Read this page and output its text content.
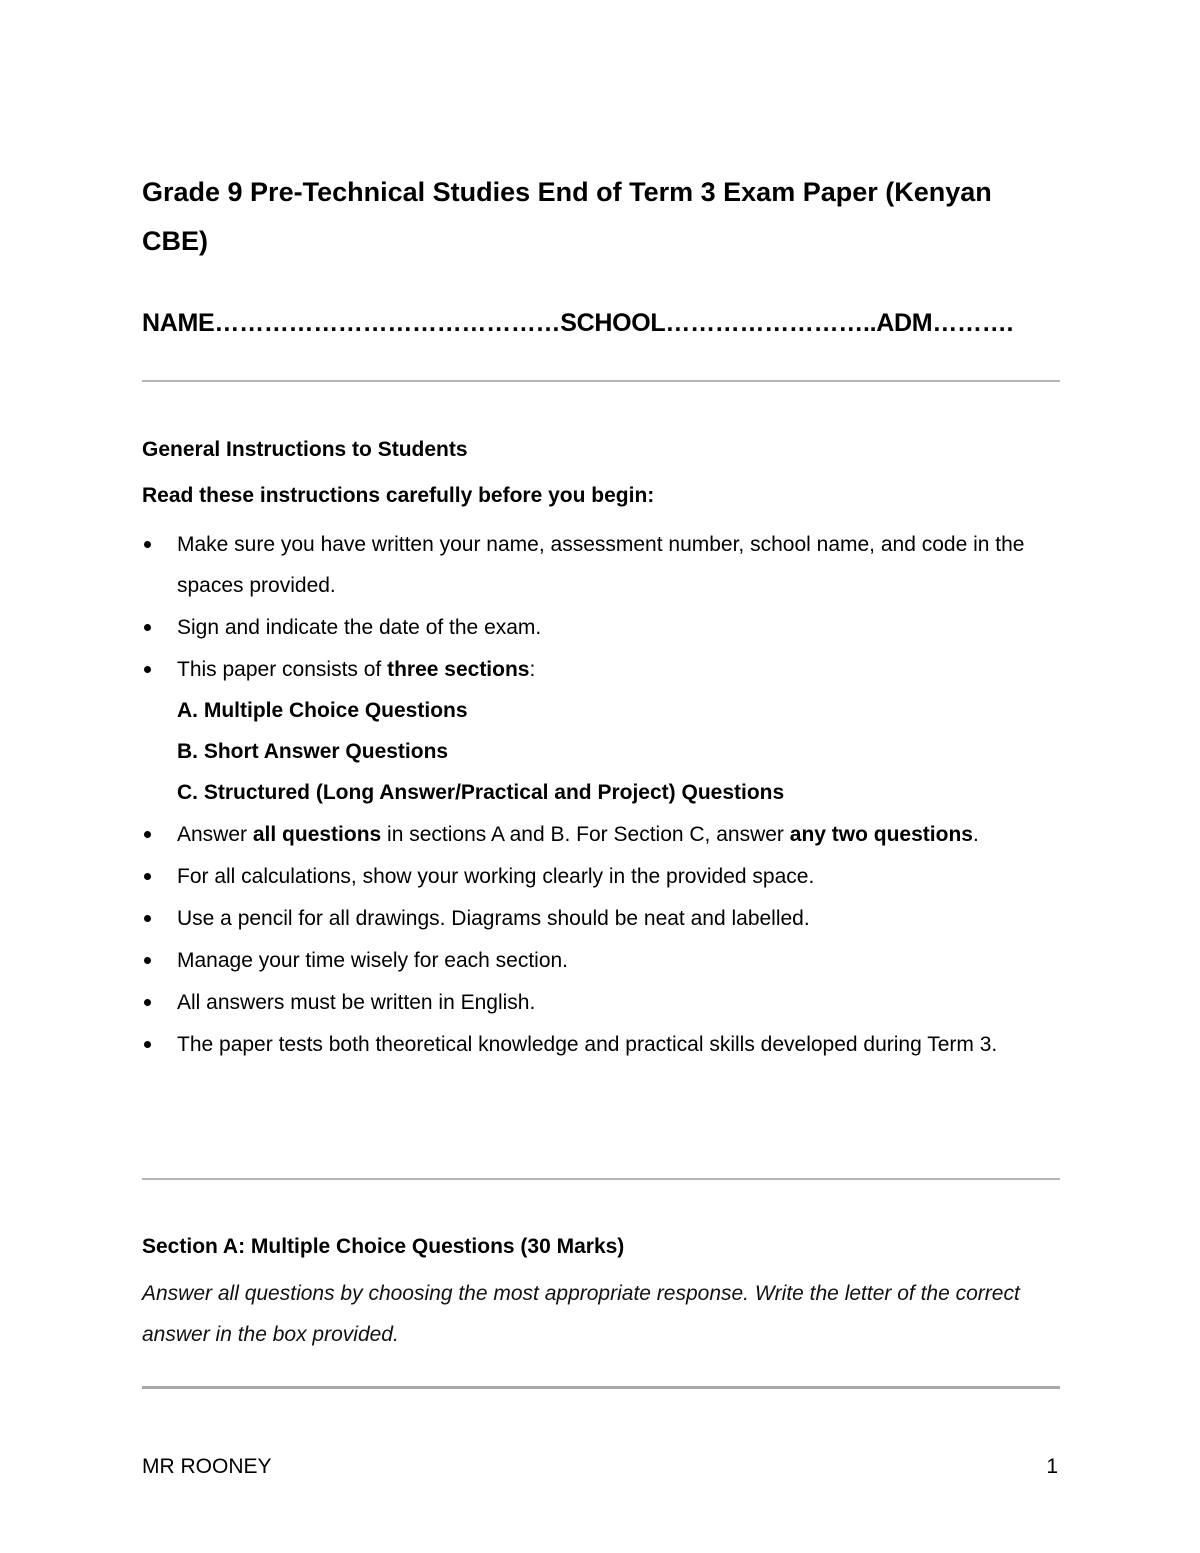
Grade 9 Pre-Technical Studies End of Term 3 Exam Paper (Kenyan CBE)
NAME……………………………………SCHOOL……………………..ADM……….
General Instructions to Students
Read these instructions carefully before you begin:
Make sure you have written your name, assessment number, school name, and code in the spaces provided.
Sign and indicate the date of the exam.
This paper consists of three sections:
A. Multiple Choice Questions
B. Short Answer Questions
C. Structured (Long Answer/Practical and Project) Questions
Answer all questions in sections A and B. For Section C, answer any two questions.
For all calculations, show your working clearly in the provided space.
Use a pencil for all drawings. Diagrams should be neat and labelled.
Manage your time wisely for each section.
All answers must be written in English.
The paper tests both theoretical knowledge and practical skills developed during Term 3.
Section A: Multiple Choice Questions (30 Marks)
Answer all questions by choosing the most appropriate response. Write the letter of the correct answer in the box provided.
MR ROONEY	1
